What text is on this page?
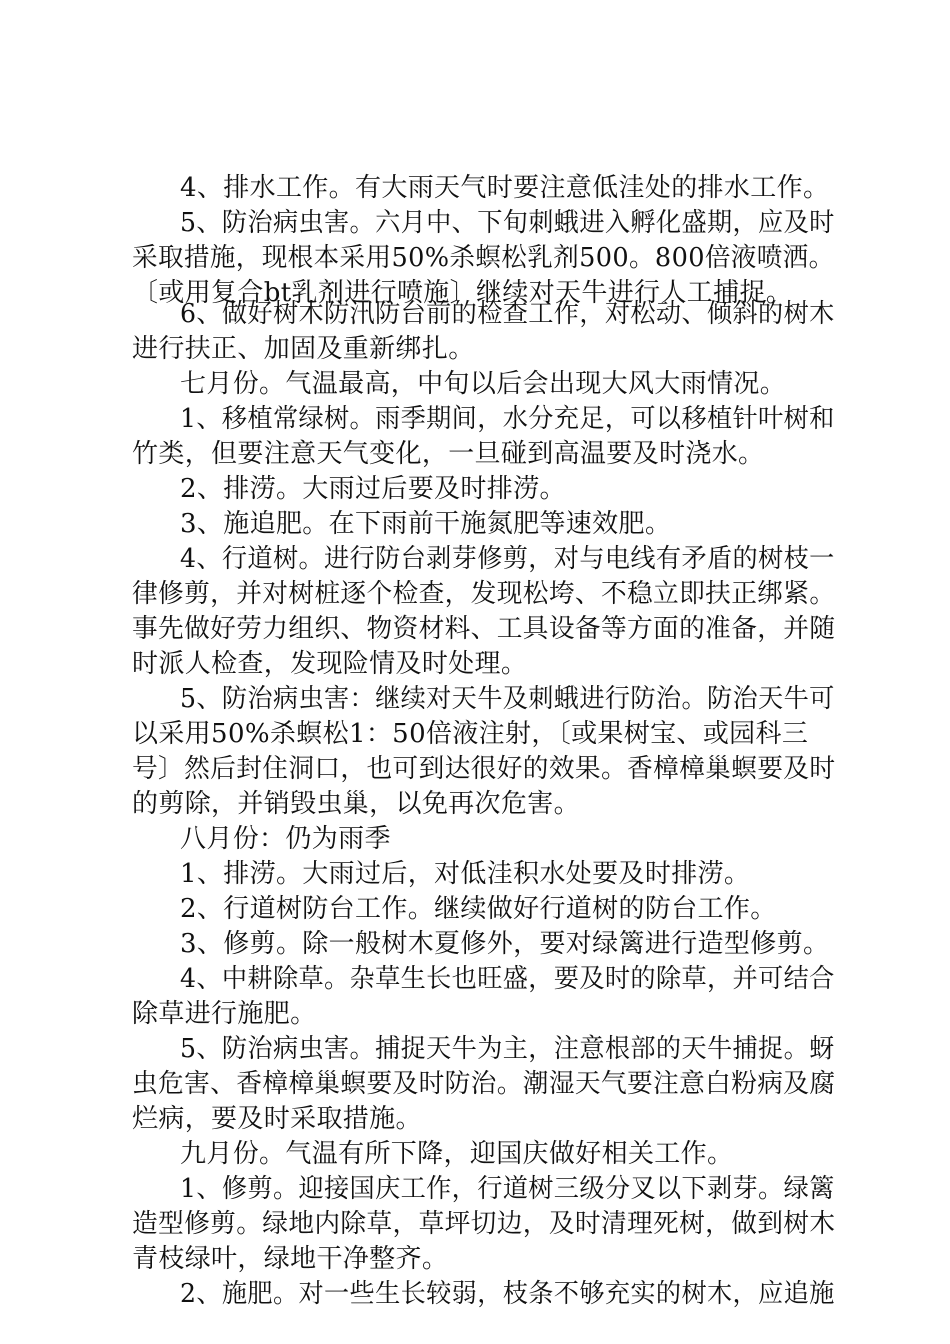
4、排水工作。有大雨天气时要注意低洼处的排水工作。
5、防治病虫害。六月中、下旬刺蛾进入孵化盛期，应及时
采取措施，现根本采用50%杀螟松乳剂500。800倍液喷洒。
〔或用复合bt乳剂进行喷施〕继续对天牛进行人工捕捉。
6、做好树木防汛防台前的检查工作，对松动、倾斜的树木
进行扶正、加固及重新绑扎。
七月份。气温最高，中旬以后会出现大风大雨情况。
1、移植常绿树。雨季期间，水分充足，可以移植针叶树和
竹类，但要注意天气变化，一旦碰到高温要及时浇水。
2、排涝。大雨过后要及时排涝。
3、施追肥。在下雨前干施氮肥等速效肥。
4、行道树。进行防台剥芽修剪，对与电线有矛盾的树枝一
律修剪，并对树桩逐个检查，发现松垮、不稳立即扶正绑紧。
事先做好劳力组织、物资材料、工具设备等方面的准备，并随
时派人检查，发现险情及时处理。
5、防治病虫害：继续对天牛及刺蛾进行防治。防治天牛可
以采用50%杀螟松1：50倍液注射，〔或果树宝、或园科三
号〕然后封住洞口，也可到达很好的效果。香樟樟巢螟要及时
的剪除，并销毁虫巢，以免再次危害。
八月份：仍为雨季
1、排涝。大雨过后，对低洼积水处要及时排涝。
2、行道树防台工作。继续做好行道树的防台工作。
3、修剪。除一般树木夏修外，要对绿篱进行造型修剪。
4、中耕除草。杂草生长也旺盛，要及时的除草，并可结合
除草进行施肥。
5、防治病虫害。捕捉天牛为主，注意根部的天牛捕捉。蚜
虫危害、香樟樟巢螟要及时防治。潮湿天气要注意白粉病及腐
烂病，要及时采取措施。
九月份。气温有所下降，迎国庆做好相关工作。
1、修剪。迎接国庆工作，行道树三级分叉以下剥芽。绿篱
造型修剪。绿地内除草，草坪切边，及时清理死树，做到树木
青枝绿叶，绿地干净整齐。
2、施肥。对一些生长较弱，枝条不够充实的树木，应追施
